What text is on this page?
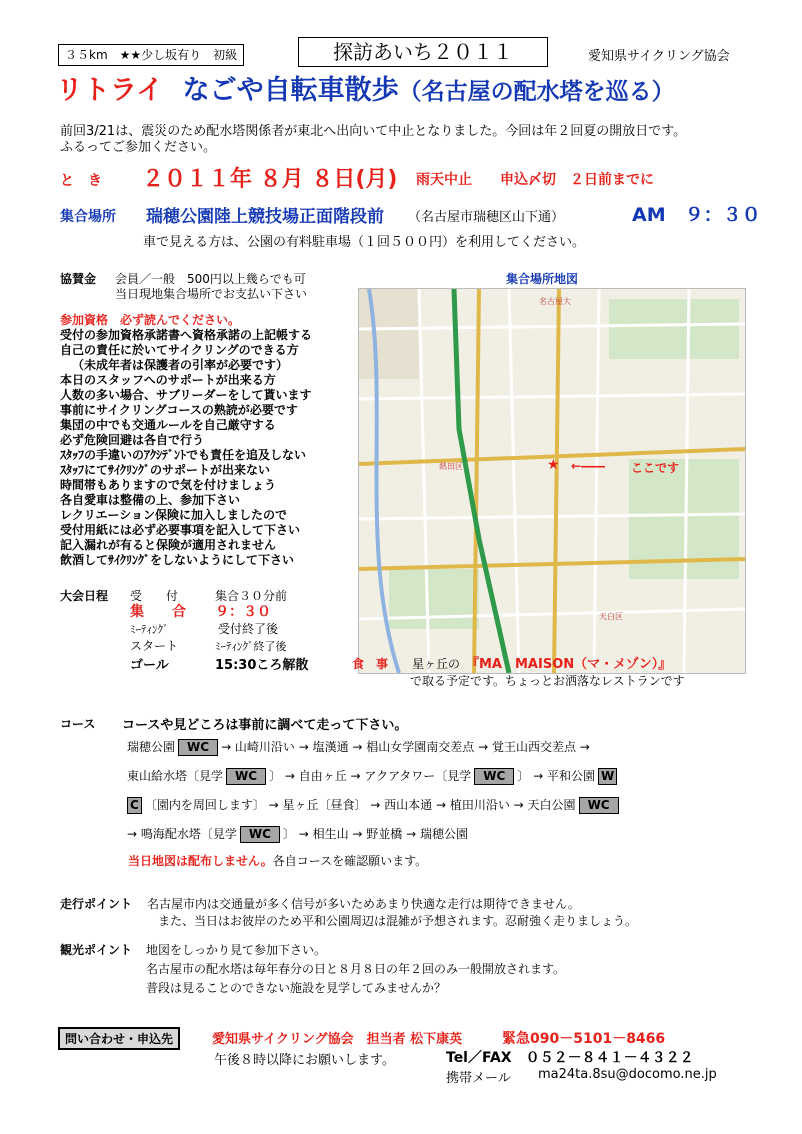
３５km　★★少し坂有り　初級	探訪あいち２０１１	愛知県サイクリング協会
リトライ なごや自転車散歩（名古屋の配水塔を巡る）
前回3/21は、震災のため配水塔関係者が東北へ出向いて中止となりました。今回は年２回夏の開放日です。
ふるってご参加ください。
と　き ２０１１年 ８月 ８日(月) 雨天中止 申込〆切　２日前までに
集合場所 瑞穂公園陸上競技場正面階段前 （名古屋市瑞穂区山下通）	AM　９：３０
車で見える方は、公園の有料駐車場（１回５００円）を利用してください。
協賛金 会員／一般　500円以上幾らでも可
当日現地集合場所でお支払い下さい
集合場所地図
名古屋大
熱田区
天白区
★ ←―― ここです
参加資格　必ず読んでください。
受付の参加資格承諾書へ資格承諾の上記帳する
自己の責任に於いてサイクリングのできる方
（未成年者は保護者の引率が必要です）
本日のスタッフへのサポートが出来る方
人数の多い場合、サブリーダーをして貰います
事前にサイクリングコースの熟読が必要です
集団の中でも交通ルールを自己厳守する
必ず危険回避は各自で行う
ｽﾀｯﾌの手違いのｱｸｼﾃﾞﾝﾄでも責任を追及しない
ｽﾀｯﾌにてｻｲｸﾘﾝｸﾞのサポートが出来ない
時間帯もありますので気を付けましょう
各自愛車は整備の上、参加下さい
レクリエーション保険に加入しましたので
受付用紙には必ず必要事項を記入して下さい
記入漏れが有ると保険が適用されません
飲酒してｻｲｸﾘﾝｸﾞをしないようにして下さい
大会日程 受　　付	集合３０分前
集　　合 ９：３０
ﾐｰﾃｨﾝｸﾞ	受付終了後
スタート	ﾐｰﾃｨﾝｸﾞ終了後
ゴール	15:30ころ解散	食　事 星ヶ丘の 『MA　MAISON（マ・メゾン）』
で取る予定です。ちょっとお洒落なレストランです
コース コースや見どころは事前に調べて走って下さい。
瑞穂公園 WC → 山崎川沿い → 塩漢通 → 椙山女学園南交差点 → 覚王山西交差点 →
東山給水塔〔見学 WC 〕 → 自由ヶ丘 → アクアタワー〔見学 WC 〕 → 平和公園 W
C 〔園内を周回します〕 → 星ヶ丘〔昼食〕 → 西山本通 → 植田川沿い → 天白公園 WC
→ 鳴海配水塔〔見学 WC 〕 → 相生山 → 野並橋 → 瑞穂公園
当日地図は配布しません。各自コースを確認願います。
走行ポイント 名古屋市内は交通量が多く信号が多いためあまり快適な走行は期待できません。
また、当日はお彼岸のため平和公園周辺は混雑が予想されます。忍耐強く走りましょう。
観光ポイント 地図をしっかり見て参加下さい。
名古屋市の配水塔は毎年春分の日と８月８日の年２回のみ一般開放されます。
普段は見ることのできない施設を見学してみませんか？
問い合わせ・申込先	愛知県サイクリング協会　担当者 松下康英	緊急090－5101－8466
午後８時以降にお願いします。	Tel／FAX　０５２－８４１－４３２２
携帯メール ma24ta.8su@docomo.ne.jp
